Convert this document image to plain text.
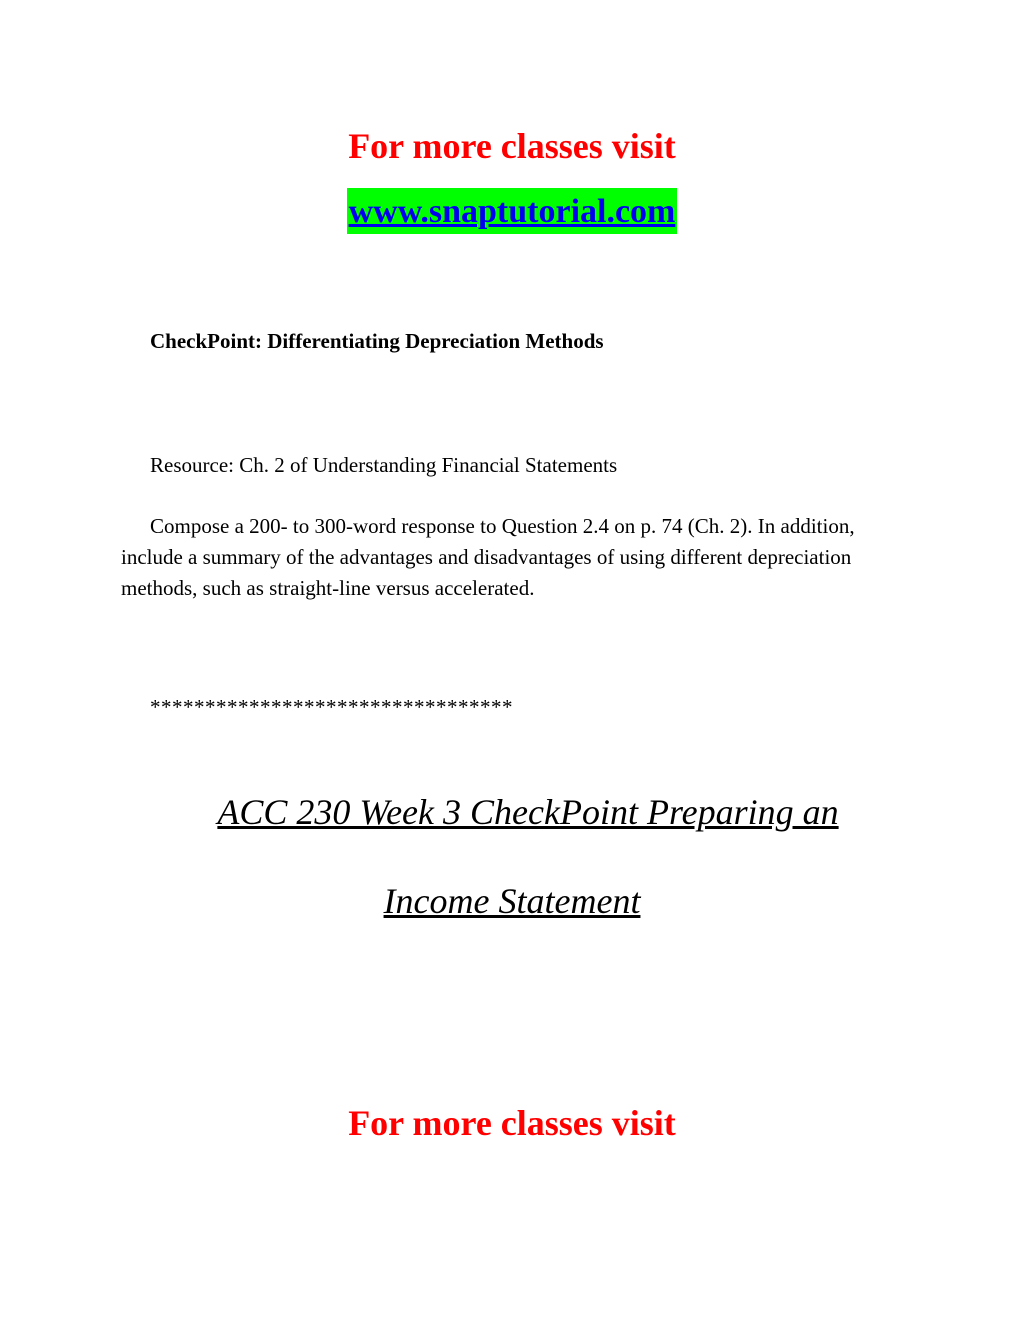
For more classes visit
www.snaptutorial.com
CheckPoint: Differentiating Depreciation Methods
Resource: Ch. 2 of Understanding Financial Statements
Compose a 200- to 300-word response to Question 2.4 on p. 74 (Ch. 2). In addition, include a summary of the advantages and disadvantages of using different depreciation methods, such as straight-line versus accelerated.
*********************************
ACC 230 Week 3 CheckPoint Preparing an
Income Statement
For more classes visit
